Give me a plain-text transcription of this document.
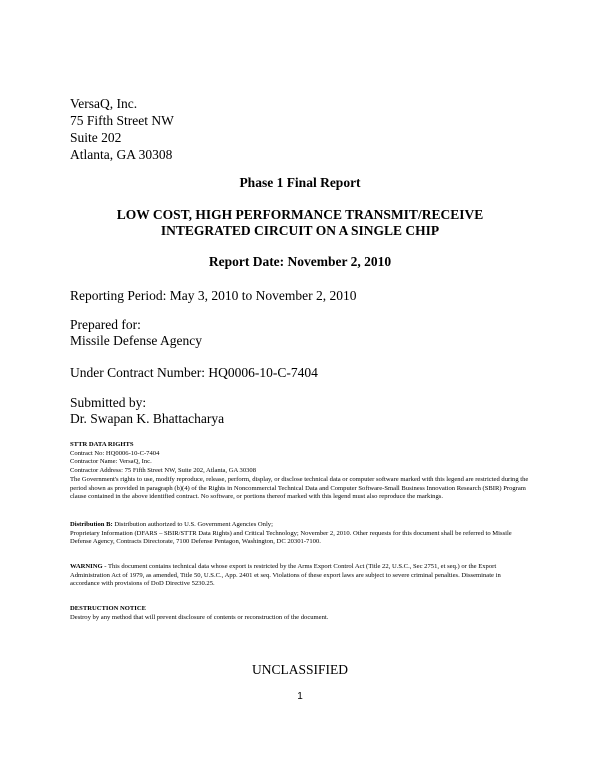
VersaQ, Inc.
75 Fifth Street NW
Suite 202
Atlanta, GA 30308
Phase 1 Final Report
LOW COST, HIGH PERFORMANCE TRANSMIT/RECEIVE
INTEGRATED CIRCUIT ON A SINGLE CHIP
Report Date: November 2, 2010
Reporting Period: May 3, 2010 to November 2, 2010
Prepared for:
Missile Defense Agency
Under Contract Number: HQ0006-10-C-7404
Submitted by:
Dr. Swapan K. Bhattacharya
STTR DATA RIGHTS
Contract No: HQ0006-10-C-7404
Contractor Name: VersaQ, Inc.
Contractor Address: 75 Fifth Street NW, Suite 202, Atlanta, GA 30308
The Government's rights to use, modify reproduce, release, perform, display, or disclose technical data or computer software marked with this legend are restricted during the period shown as provided in paragraph (b)(4) of the Rights in Noncommercial Technical Data and Computer Software-Small Business Innovation Research (SBIR) Program clause contained in the above identified contract. No software, or portions thereof marked with this legend must also reproduce the markings.
Distribution B: Distribution authorized to U.S. Government Agencies Only;
Proprietary Information (DFARS – SBIR/STTR Data Rights) and Critical Technology; November 2, 2010. Other requests for this document shall be referred to Missile Defense Agency, Contracts Directorate, 7100 Defense Pentagon, Washington, DC 20301-7100.
WARNING - This document contains technical data whose export is restricted by the Arms Export Control Act (Title 22, U.S.C., Sec 2751, et seq.) or the Export Administration Act of 1979, as amended, Title 50, U.S.C., App. 2401 et seq. Violations of these export laws are subject to severe criminal penalties. Disseminate in accordance with provisions of DoD Directive 5230.25.
DESTRUCTION NOTICE
Destroy by any method that will prevent disclosure of contents or reconstruction of the document.
UNCLASSIFIED
1
